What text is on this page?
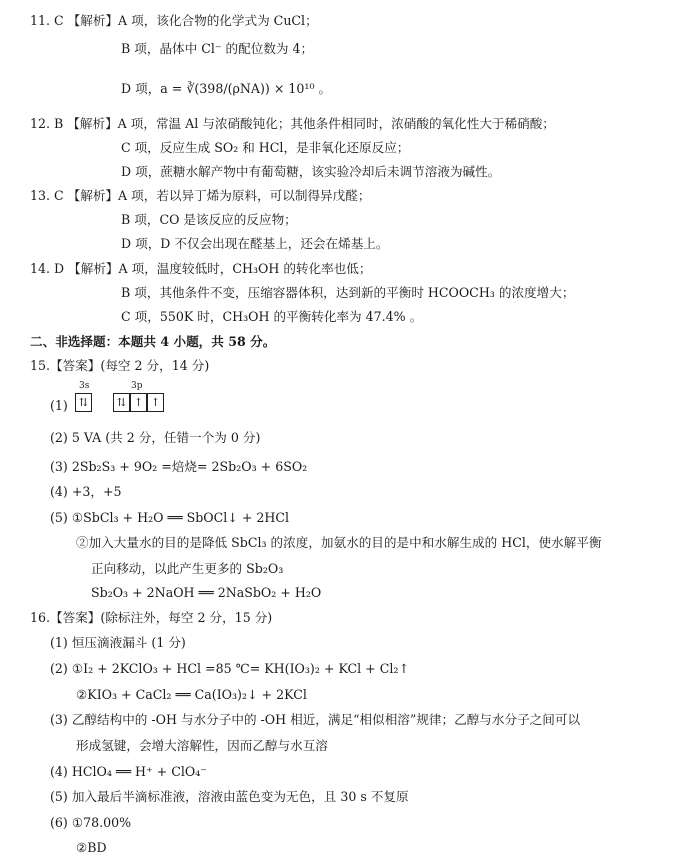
11. C 【解析】A 项，该化合物的化学式为 CuCl；
B 项，晶体中 Cl⁻ 的配位数为 4；
D 项，a = ∛(398/(ρNA)) × 10¹⁰ 。
12. B 【解析】A 项，常温 Al 与浓硝酸钝化；其他条件相同时，浓硝酸的氧化性大于稀硝酸；
C 项，反应生成 SO₂ 和 HCl，是非氧化还原反应；
D 项，蔗糖水解产物中有葡萄糖，该实验冷却后未调节溶液为碱性。
13. C 【解析】A 项，若以异丁烯为原料，可以制得异戊醛；
B 项，CO 是该反应的反应物；
D 项，D 不仅会出现在醛基上，还会在烯基上。
14. D 【解析】A 项，温度较低时，CH₃OH 的转化率也低；
B 项，其他条件不变，压缩容器体积，达到新的平衡时 HCOOCH₃ 的浓度增大；
C 项，550K 时，CH₃OH 的平衡转化率为 47.4% 。
二、非选择题：本题共 4 小题，共 58 分。
15.【答案】(每空 2 分，14 分)
(1)
3s
⇅
3p
⇅ ↑ ↑
(2) 5 VA (共 2 分，任错一个为 0 分)
(3) 2Sb₂S₃ + 9O₂ =焙烧= 2Sb₂O₃ + 6SO₂
(4) +3，+5
(5) ①SbCl₃ + H₂O ══ SbOCl↓ + 2HCl
②加入大量水的目的是降低 SbCl₃ 的浓度，加氨水的目的是中和水解生成的 HCl，使水解平衡
正向移动，以此产生更多的 Sb₂O₃
Sb₂O₃ + 2NaOH ══ 2NaSbO₂ + H₂O
16.【答案】(除标注外，每空 2 分，15 分)
(1) 恒压滴液漏斗 (1 分)
(2) ①I₂ + 2KClO₃ + HCl =85 ℃= KH(IO₃)₂ + KCl + Cl₂↑
②KIO₃ + CaCl₂ ══ Ca(IO₃)₂↓ + 2KCl
(3) 乙醇结构中的 -OH 与水分子中的 -OH 相近，满足“相似相溶”规律；乙醇与水分子之间可以
形成氢键，会增大溶解性，因而乙醇与水互溶
(4) HClO₄ ══ H⁺ + ClO₄⁻
(5) 加入最后半滴标准液，溶液由蓝色变为无色，且 30 s 不复原
(6) ①78.00%
②BD
